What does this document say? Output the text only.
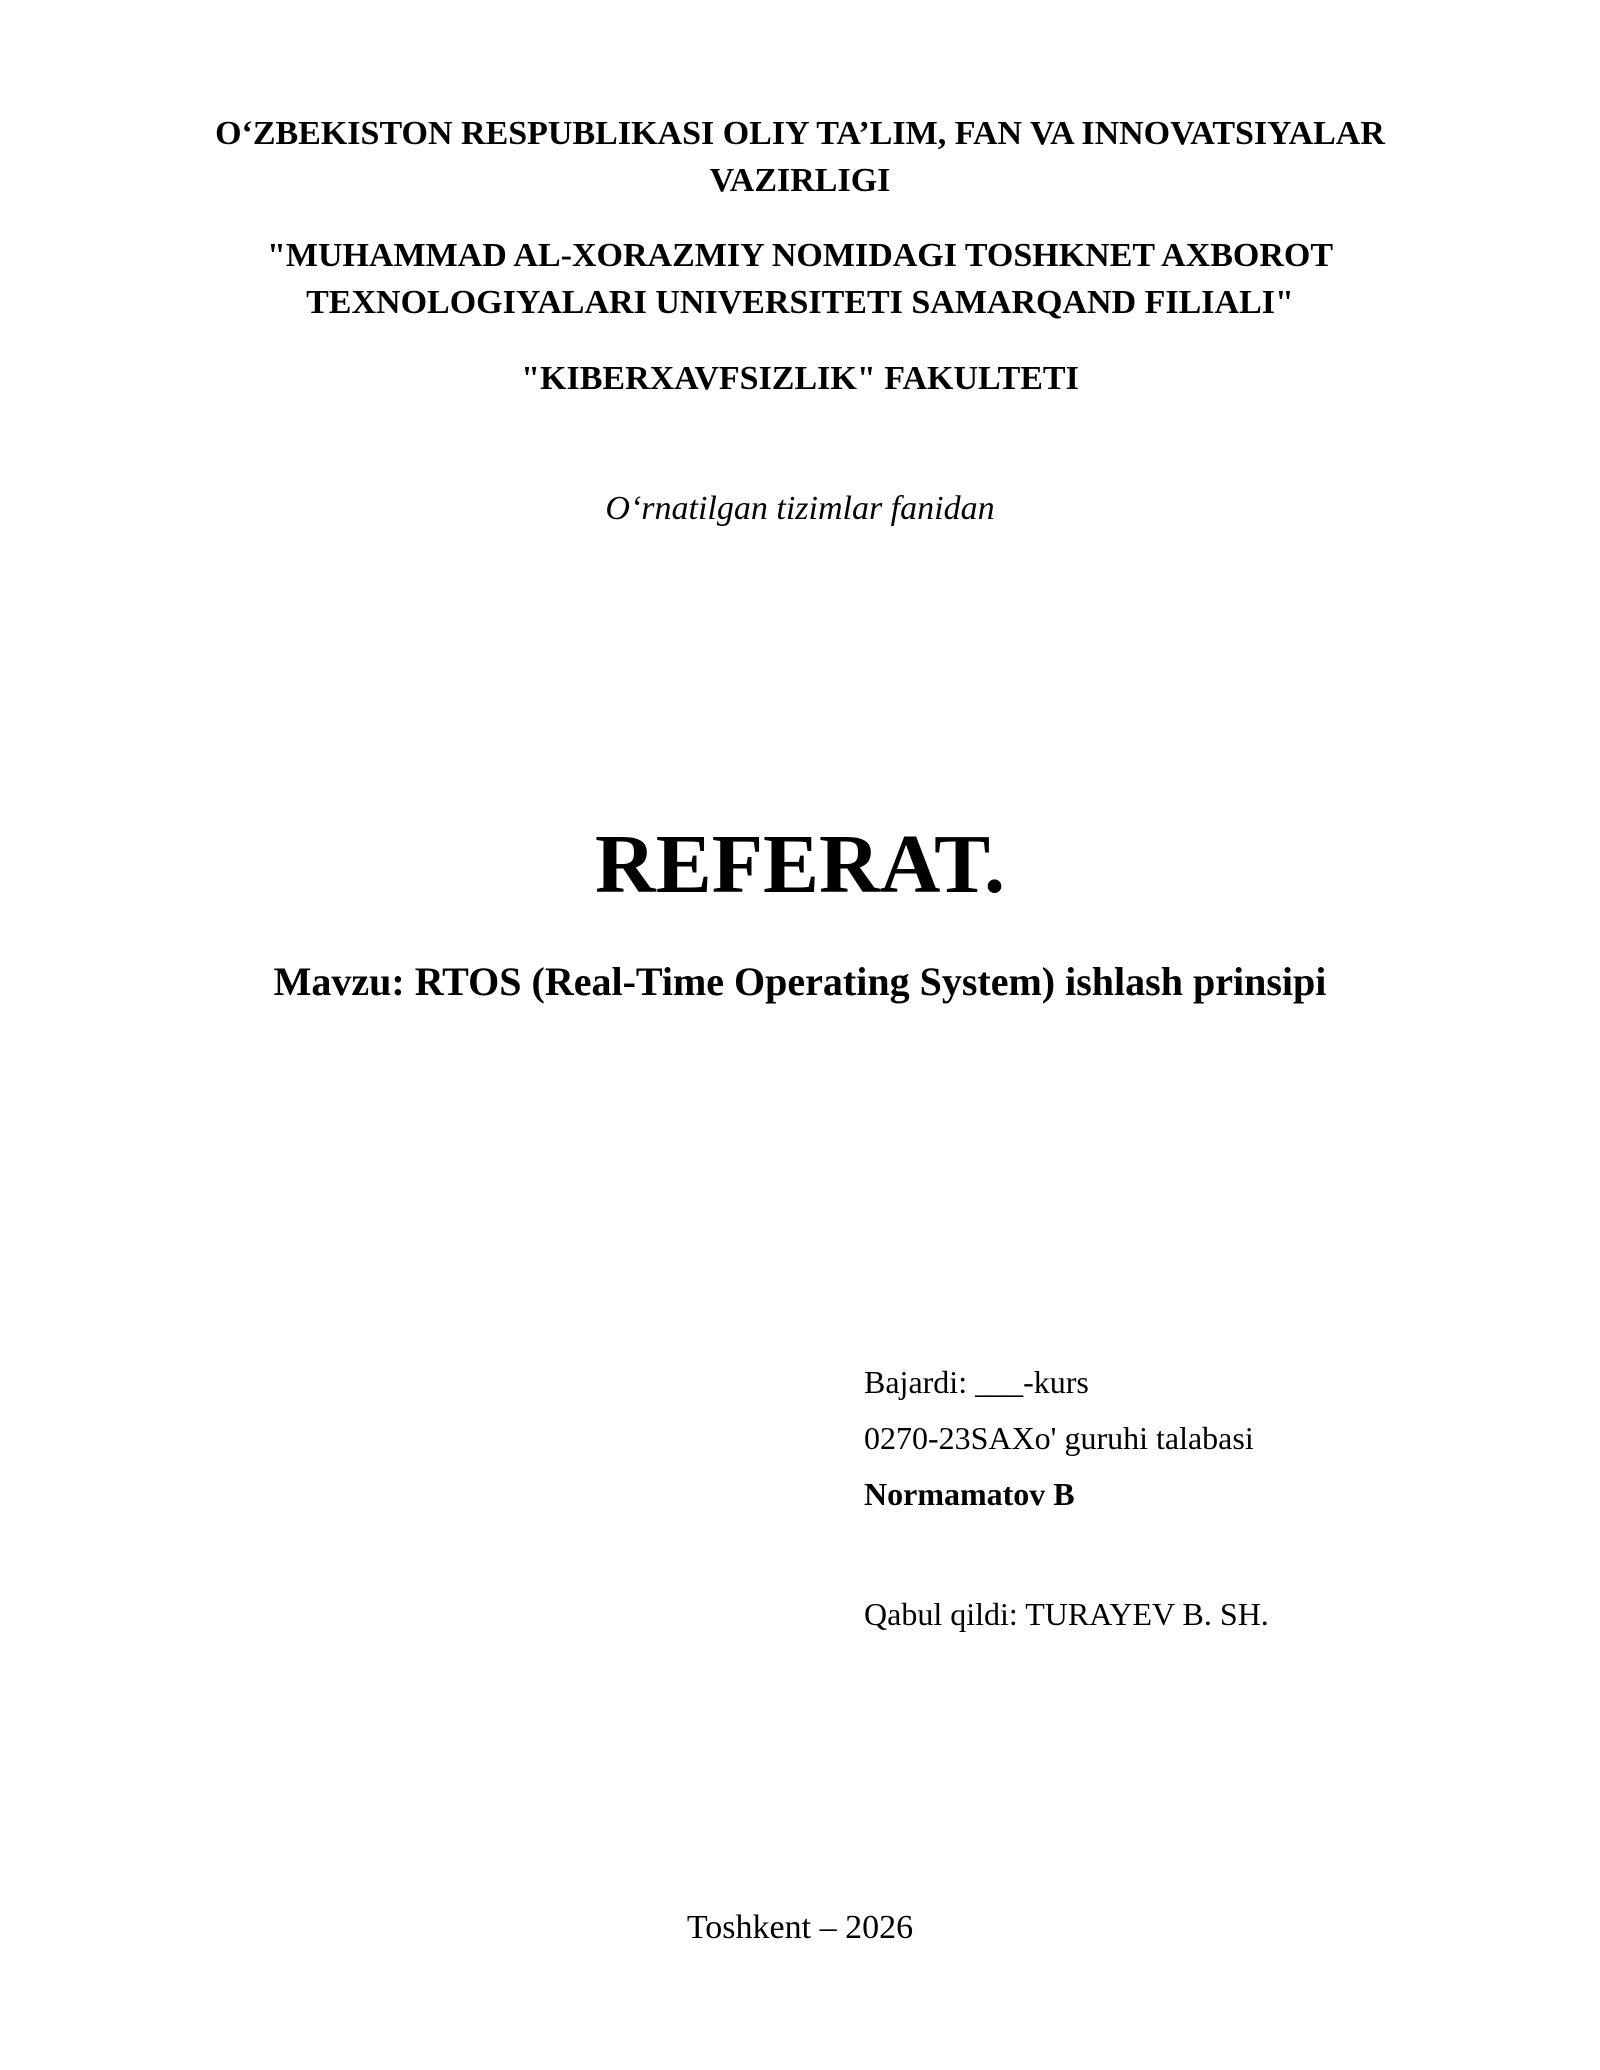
O‘ZBEKISTON RESPUBLIKASI OLIY TA’LIM, FAN VA INNOVATSIYALAR
VAZIRLIGI
"MUHAMMAD AL-XORAZMIY NOMIDAGI TOSHKNET AXBOROT
TEXNOLOGIYALARI UNIVERSITETI SAMARQAND FILIALI"
"KIBERXAVFSIZLIK" FAKULTETI
O‘rnatilgan tizimlar fanidan
REFERAT.
Mavzu: RTOS (Real-Time Operating System) ishlash prinsipi
Bajardi: ___-kurs
0270-23SAXo' guruhi talabasi
Normamatov B
Qabul qildi: TURAYEV B. SH.
Toshkent – 2026
